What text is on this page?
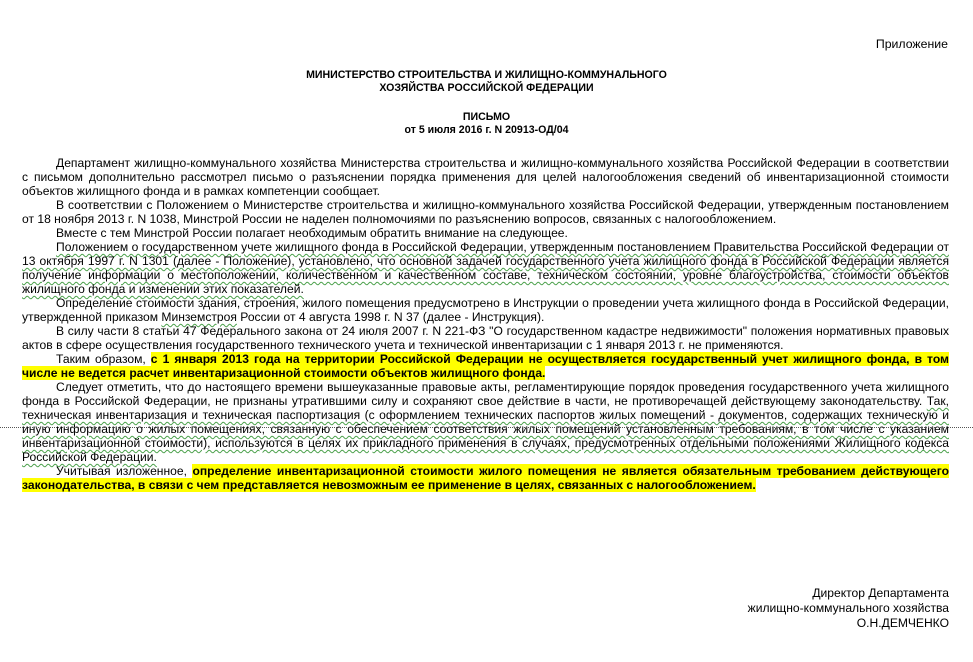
Приложение
МИНИСТЕРСТВО СТРОИТЕЛЬСТВА И ЖИЛИЩНО-КОММУНАЛЬНОГО
ХОЗЯЙСТВА РОССИЙСКОЙ ФЕДЕРАЦИИ
ПИСЬМО
от 5 июля 2016 г. N 20913-ОД/04

Департамент жилищно-коммунального хозяйства Министерства строительства и жилищно-коммунального хозяйства Российской Федерации в соответствии с письмом дополнительно рассмотрел письмо о разъяснении порядка применения для целей налогообложения сведений об инвентаризационной стоимости объектов жилищного фонда и в рамках компетенции сообщает.

В соответствии с Положением о Министерстве строительства и жилищно-коммунального хозяйства Российской Федерации, утвержденным постановлением от 18 ноября 2013 г. N 1038, Минстрой России не наделен полномочиями по разъяснению вопросов, связанных с налогообложением.

Вместе с тем Минстрой России полагает необходимым обратить внимание на следующее.

Положением о государственном учете жилищного фонда в Российской Федерации, утвержденным постановлением Правительства Российской Федерации от 13 октября 1997 г. N 1301 (далее - Положение), установлено, что основной задачей государственного учета жилищного фонда в Российской Федерации является получение информации о местоположении, количественном и качественном составе, техническом состоянии, уровне благоустройства, стоимости объектов жилищного фонда и изменении этих показателей.

Определение стоимости здания, строения, жилого помещения предусмотрено в Инструкции о проведении учета жилищного фонда в Российской Федерации, утвержденной приказом Минземстроя России от 4 августа 1998 г. N 37 (далее - Инструкция).

В силу части 8 статьи 47 Федерального закона от 24 июля 2007 г. N 221-ФЗ "О государственном кадастре недвижимости" положения нормативных правовых актов в сфере осуществления государственного технического учета и технической инвентаризации с 1 января 2013 г. не применяются.

Таким образом, с 1 января 2013 года на территории Российской Федерации не осуществляется государственный учет жилищного фонда, в том числе не ведется расчет инвентаризационной стоимости объектов жилищного фонда.

Следует отметить, что до настоящего времени вышеуказанные правовые акты, регламентирующие порядок проведения государственного учета жилищного фонда в Российской Федерации, не признаны утратившими силу и сохраняют свое действие в части, не противоречащей действующему законодательству. Так, техническая инвентаризация и техническая паспортизация (с оформлением технических паспортов жилых помещений - документов, содержащих техническую и иную информацию о жилых помещениях, связанную с обеспечением соответствия жилых помещений установленным требованиям, в том числе с указанием инвентаризационной стоимости), используются в целях их прикладного применения в случаях, предусмотренных отдельными положениями Жилищного кодекса Российской Федерации.

Учитывая изложенное, определение инвентаризационной стоимости жилого помещения не является обязательным требованием действующего законодательства, в связи с чем представляется невозможным ее применение в целях, связанных с налогообложением.

Директор Департамента
жилищно-коммунального хозяйства
О.Н.ДЕМЧЕНКО
